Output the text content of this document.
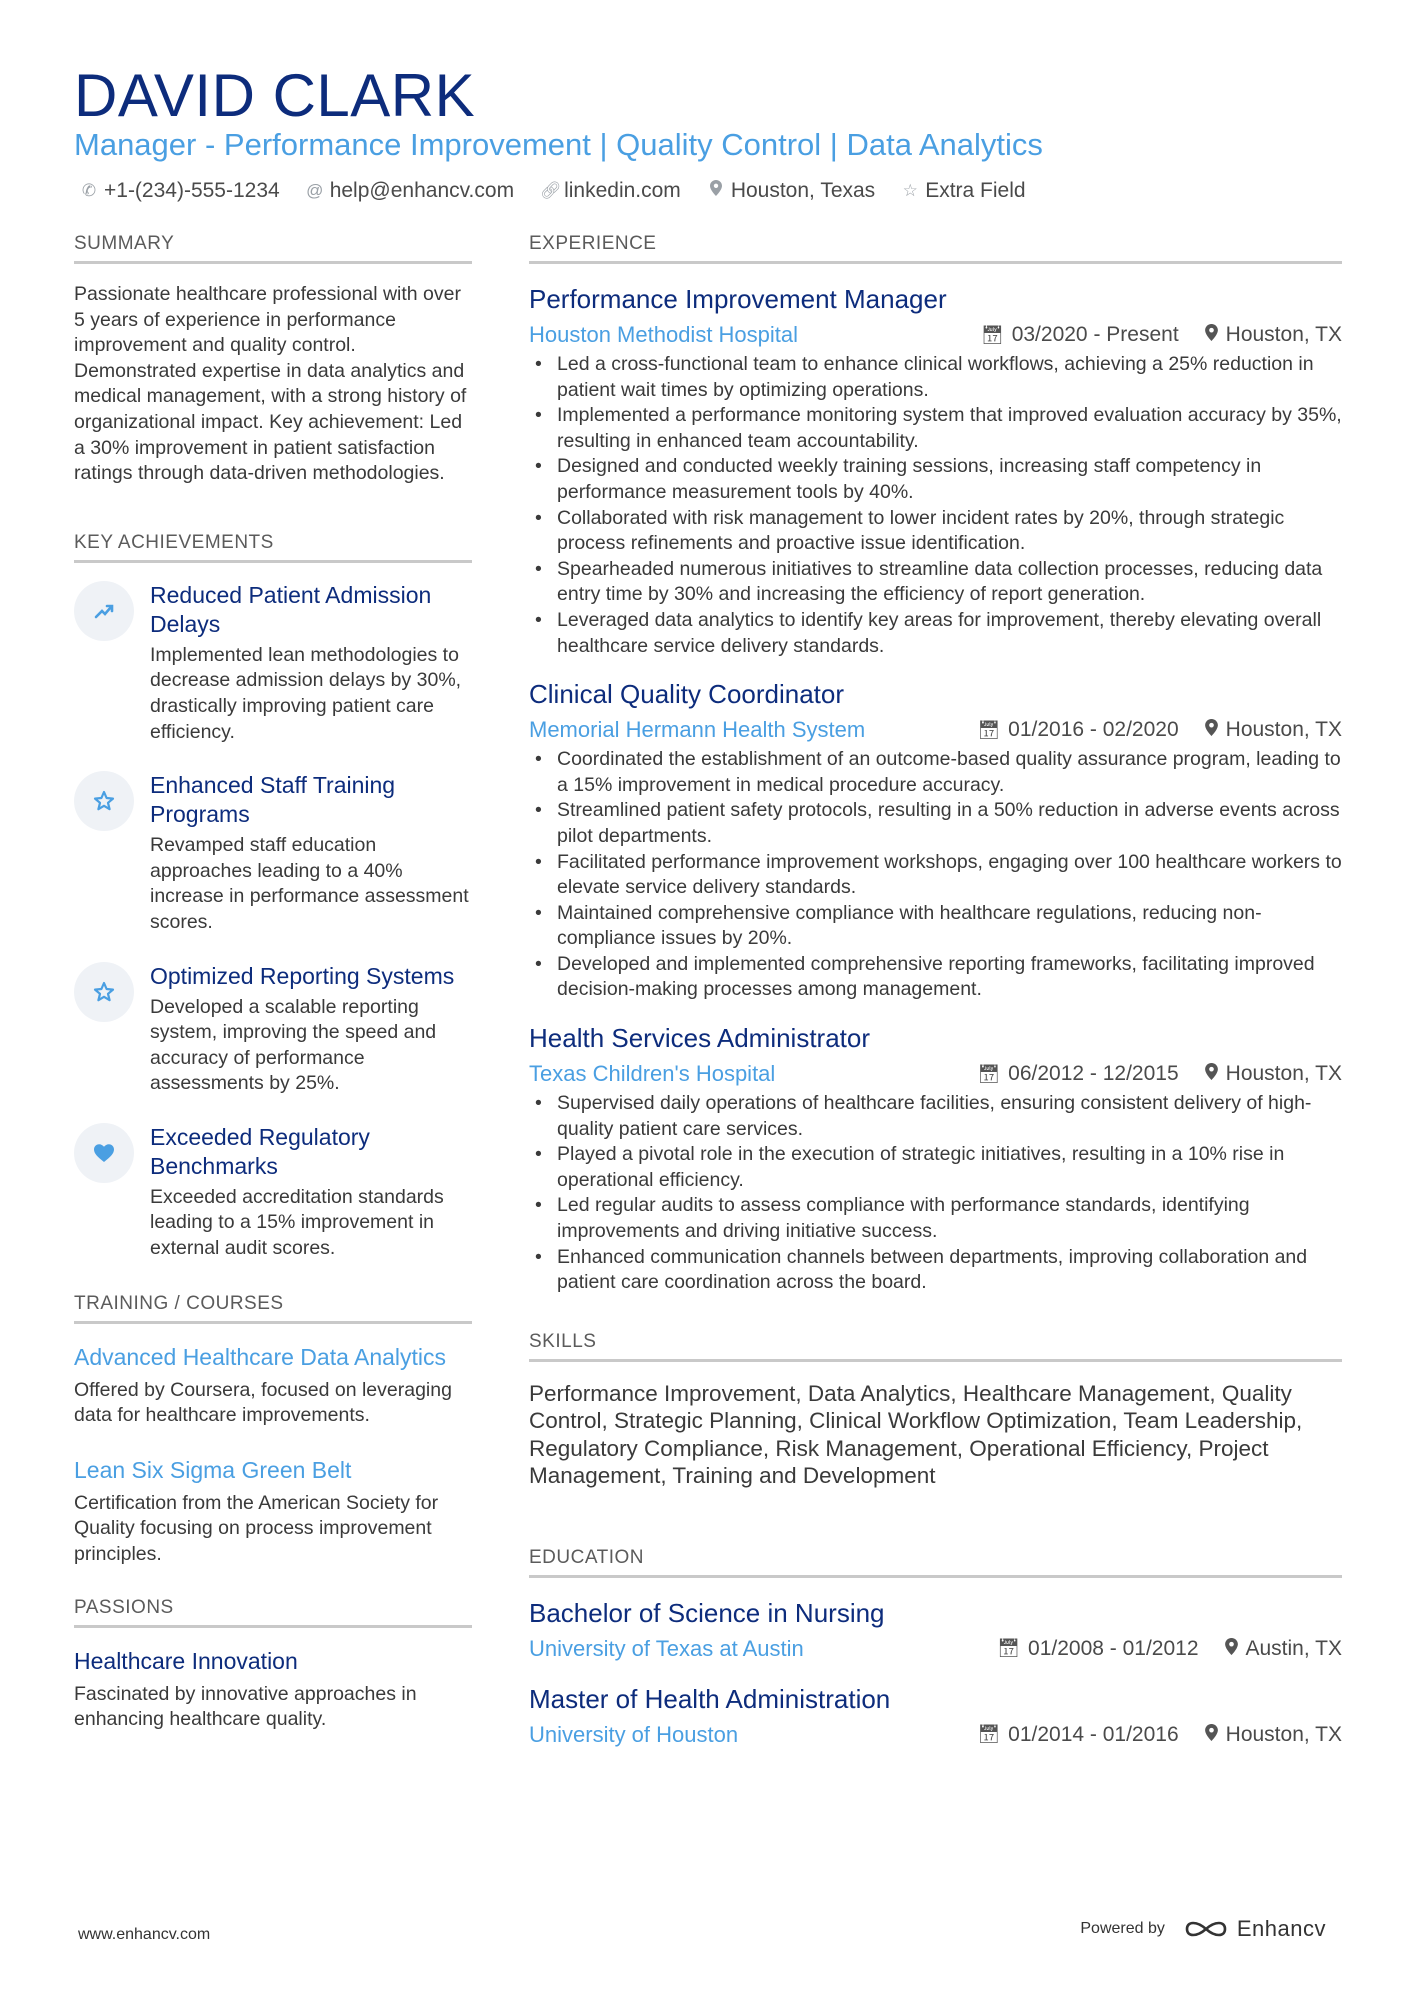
DAVID CLARK
Manager - Performance Improvement | Quality Control | Data Analytics
✆ +1-(234)-555-1234 @ help@enhancv.com 🔗︎ linkedin.com Houston, Texas ☆ Extra Field
SUMMARY
Passionate healthcare professional with over 5 years of experience in performance improvement and quality control. Demonstrated expertise in data analytics and medical management, with a strong history of organizational impact. Key achievement: Led a 30% improvement in patient satisfaction ratings through data-driven methodologies.
KEY ACHIEVEMENTS
Reduced Patient Admission Delays
Implemented lean methodologies to decrease admission delays by 30%, drastically improving patient care efficiency.
Enhanced Staff Training Programs
Revamped staff education approaches leading to a 40% increase in performance assessment scores.
Optimized Reporting Systems
Developed a scalable reporting system, improving the speed and accuracy of performance assessments by 25%.
Exceeded Regulatory Benchmarks
Exceeded accreditation standards leading to a 15% improvement in external audit scores.
TRAINING / COURSES
Advanced Healthcare Data Analytics
Offered by Coursera, focused on leveraging data for healthcare improvements.
Lean Six Sigma Green Belt
Certification from the American Society for Quality focusing on process improvement principles.
PASSIONS
Healthcare Innovation
Fascinated by innovative approaches in enhancing healthcare quality.
EXPERIENCE
Performance Improvement Manager
Houston Methodist Hospital	📅︎ 03/2020 - Present Houston, TX
• Led a cross-functional team to enhance clinical workflows, achieving a 25% reduction in patient wait times by optimizing operations.
• Implemented a performance monitoring system that improved evaluation accuracy by 35%, resulting in enhanced team accountability.
• Designed and conducted weekly training sessions, increasing staff competency in performance measurement tools by 40%.
• Collaborated with risk management to lower incident rates by 20%, through strategic process refinements and proactive issue identification.
• Spearheaded numerous initiatives to streamline data collection processes, reducing data entry time by 30% and increasing the efficiency of report generation.
• Leveraged data analytics to identify key areas for improvement, thereby elevating overall healthcare service delivery standards.
Clinical Quality Coordinator
Memorial Hermann Health System	📅︎ 01/2016 - 02/2020 Houston, TX
• Coordinated the establishment of an outcome-based quality assurance program, leading to a 15% improvement in medical procedure accuracy.
• Streamlined patient safety protocols, resulting in a 50% reduction in adverse events across pilot departments.
• Facilitated performance improvement workshops, engaging over 100 healthcare workers to elevate service delivery standards.
• Maintained comprehensive compliance with healthcare regulations, reducing non-compliance issues by 20%.
• Developed and implemented comprehensive reporting frameworks, facilitating improved decision-making processes among management.
Health Services Administrator
Texas Children's Hospital	📅︎ 06/2012 - 12/2015 Houston, TX
• Supervised daily operations of healthcare facilities, ensuring consistent delivery of high-quality patient care services.
• Played a pivotal role in the execution of strategic initiatives, resulting in a 10% rise in operational efficiency.
• Led regular audits to assess compliance with performance standards, identifying improvements and driving initiative success.
• Enhanced communication channels between departments, improving collaboration and patient care coordination across the board.
SKILLS
Performance Improvement, Data Analytics, Healthcare Management, Quality Control, Strategic Planning, Clinical Workflow Optimization, Team Leadership, Regulatory Compliance, Risk Management, Operational Efficiency, Project Management, Training and Development
EDUCATION
Bachelor of Science in Nursing
University of Texas at Austin	📅︎ 01/2008 - 01/2012 Austin, TX
Master of Health Administration
University of Houston	📅︎ 01/2014 - 01/2016 Houston, TX
www.enhancv.com	Powered by	Enhancv
